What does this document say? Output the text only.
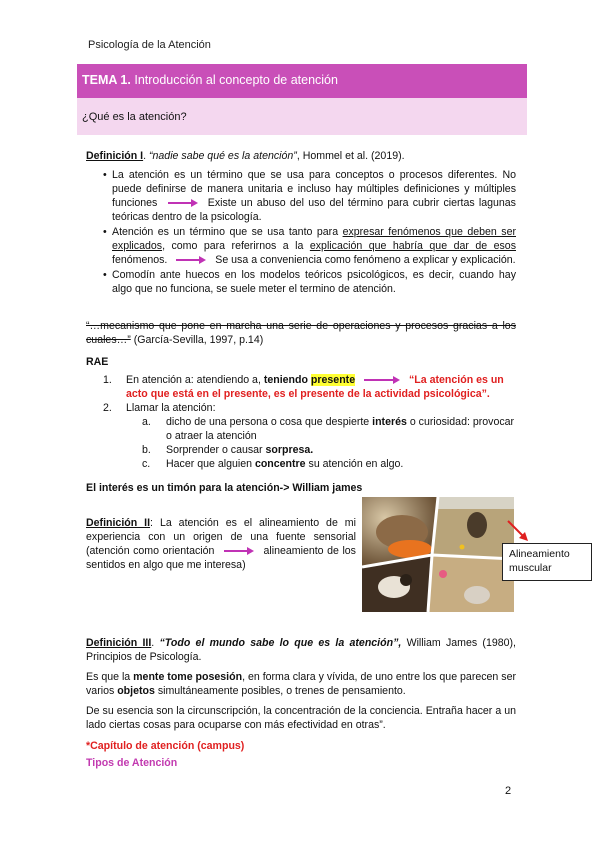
Psicología de la Atención
TEMA 1. Introducción al concepto de atención
¿Qué es la atención?
Definición I. “nadie sabe qué es la atención”, Hommel et al. (2019).
• La atención es un término que se usa para conceptos o procesos diferentes. No puede definirse de manera unitaria e incluso hay múltiples definiciones y múltiples funciones	Existe un abuso del uso del término para cubrir ciertas lagunas teóricas dentro de la psicología.
• Atención es un término que se usa tanto para expresar fenómenos que deben ser explicados, como para referirnos a la explicación que habría que dar de esos fenómenos.	Se usa a conveniencia como fenómeno a explicar y explicación.
• Comodín ante huecos en los modelos teóricos psicológicos, es decir, cuando hay algo que no funciona, se suele meter el termino de atención.
“…mecanismo que pone en marcha una serie de operaciones y procesos gracias a los cuales…” (García-Sevilla, 1997, p.14)
RAE
1. En atención a: atendiendo a, teniendo presente	“La atención es un acto que está en el presente, es el presente de la actividad psicológica”.
2. Llamar la atención:
a. dicho de una persona o cosa que despierte interés o curiosidad: provocar o atraer la atención
b. Sorprender o causar sorpresa.
c. Hacer que alguien concentre su atención en algo.
El interés es un timón para la atención-> William james
Definición II: La atención es el alineamiento de mi experiencia con un origen de una fuente sensorial (atención como orientación	alineamiento de los sentidos en algo que me interesa)
Alineamiento muscular
Definición III. “Todo el mundo sabe lo que es la atención”, William James (1980), Principios de Psicología.
Es que la mente tome posesión, en forma clara y vívida, de uno entre los que parecen ser varios objetos simultáneamente posibles, o trenes de pensamiento.
De su esencia son la circunscripción, la concentración de la conciencia. Entraña hacer a un lado ciertas cosas para ocuparse con más efectividad en otras”.
*Capítulo de atención (campus)
Tipos de Atención
2
